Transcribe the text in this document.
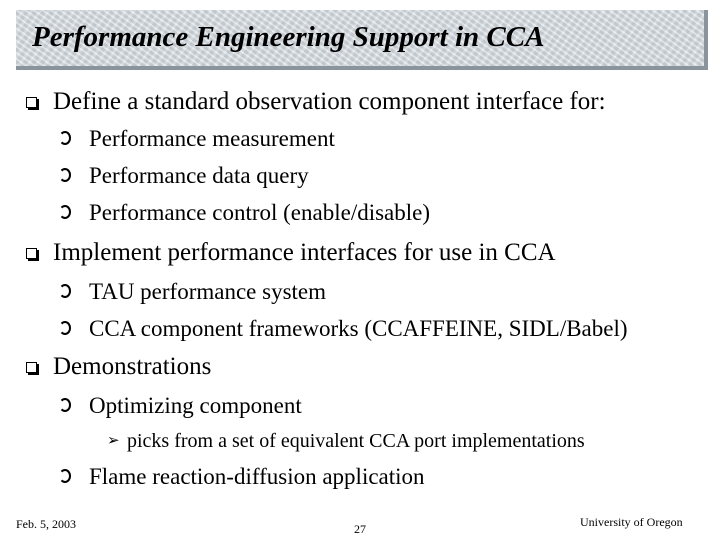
Performance Engineering Support in CCA
Define a standard observation component interface for:
Performance measurement
Performance data query
Performance control (enable/disable)
Implement performance interfaces for use in CCA
TAU performance system
CCA component frameworks (CCAFFEINE, SIDL/Babel)
Demonstrations
Optimizing component
➢ picks from a set of equivalent CCA port implementations
Flame reaction-diffusion application
Feb. 5, 2003	27	University of Oregon
